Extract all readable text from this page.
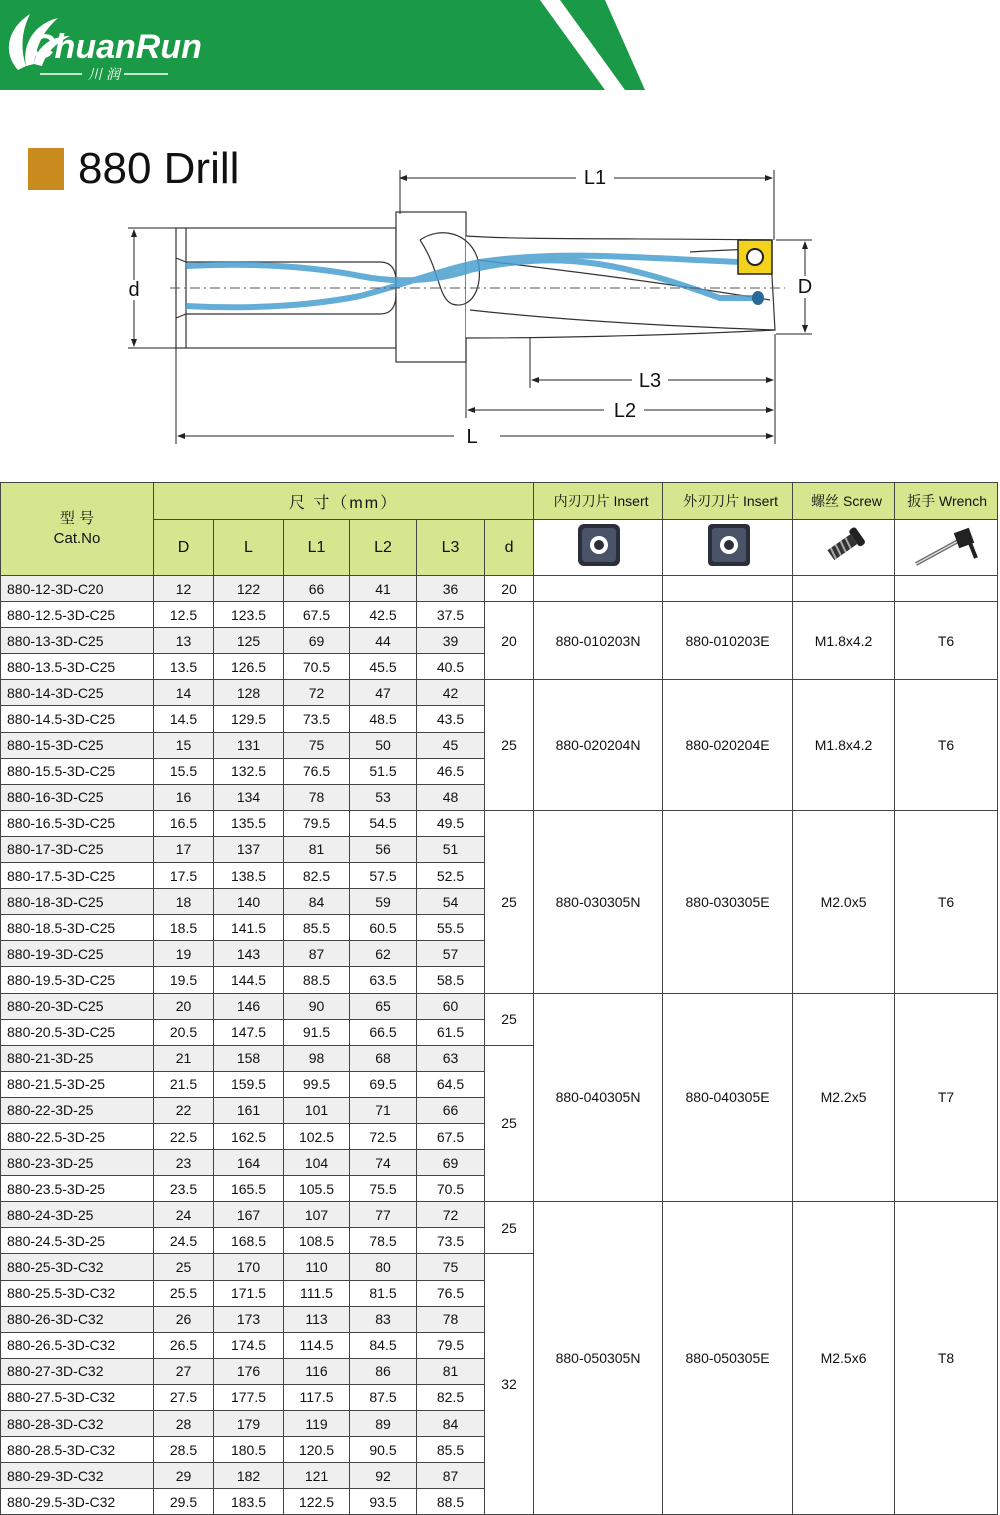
ChuanRun
川 润
880 Drill	L1
d	D
L3
L2
L
型 号
Cat.No	尺 寸（mm）						内刃刀片 Insert	外刃刀片 Insert	螺丝 Screw	扳手 Wrench
	D	L	L1	L2	L3	d				

880-12-3D-C20	12	122	66	41	36	20				
880-12.5-3D-C25	12.5	123.5	67.5	42.5	37.5	20	880-010203N	880-010203E	M1.8x4.2	T6
880-13-3D-C25	13	125	69	44	39					
880-13.5-3D-C25	13.5	126.5	70.5	45.5	40.5					
880-14-3D-C25	14	128	72	47	42	25	880-020204N	880-020204E	M1.8x4.2	T6
880-14.5-3D-C25	14.5	129.5	73.5	48.5	43.5					
880-15-3D-C25	15	131	75	50	45					
880-15.5-3D-C25	15.5	132.5	76.5	51.5	46.5					
880-16-3D-C25	16	134	78	53	48					
880-16.5-3D-C25	16.5	135.5	79.5	54.5	49.5	25	880-030305N	880-030305E	M2.0x5	T6
880-17-3D-C25	17	137	81	56	51					
880-17.5-3D-C25	17.5	138.5	82.5	57.5	52.5					
880-18-3D-C25	18	140	84	59	54					
880-18.5-3D-C25	18.5	141.5	85.5	60.5	55.5					
880-19-3D-C25	19	143	87	62	57					
880-19.5-3D-C25	19.5	144.5	88.5	63.5	58.5					
880-20-3D-C25	20	146	90	65	60	25	880-040305N	880-040305E	M2.2x5	T7
880-20.5-3D-C25	20.5	147.5	91.5	66.5	61.5					
880-21-3D-25	21	158	98	68	63	25				
880-21.5-3D-25	21.5	159.5	99.5	69.5	64.5					
880-22-3D-25	22	161	101	71	66					
880-22.5-3D-25	22.5	162.5	102.5	72.5	67.5					
880-23-3D-25	23	164	104	74	69					
880-23.5-3D-25	23.5	165.5	105.5	75.5	70.5					
880-24-3D-25	24	167	107	77	72	25	880-050305N	880-050305E	M2.5x6	T8
880-24.5-3D-25	24.5	168.5	108.5	78.5	73.5					
880-25-3D-C32	25	170	110	80	75	32				
880-25.5-3D-C32	25.5	171.5	111.5	81.5	76.5					
880-26-3D-C32	26	173	113	83	78					
880-26.5-3D-C32	26.5	174.5	114.5	84.5	79.5					
880-27-3D-C32	27	176	116	86	81					
880-27.5-3D-C32	27.5	177.5	117.5	87.5	82.5					
880-28-3D-C32	28	179	119	89	84					
880-28.5-3D-C32	28.5	180.5	120.5	90.5	85.5					
880-29-3D-C32	29	182	121	92	87					
880-29.5-3D-C32	29.5	183.5	122.5	93.5	88.5					
